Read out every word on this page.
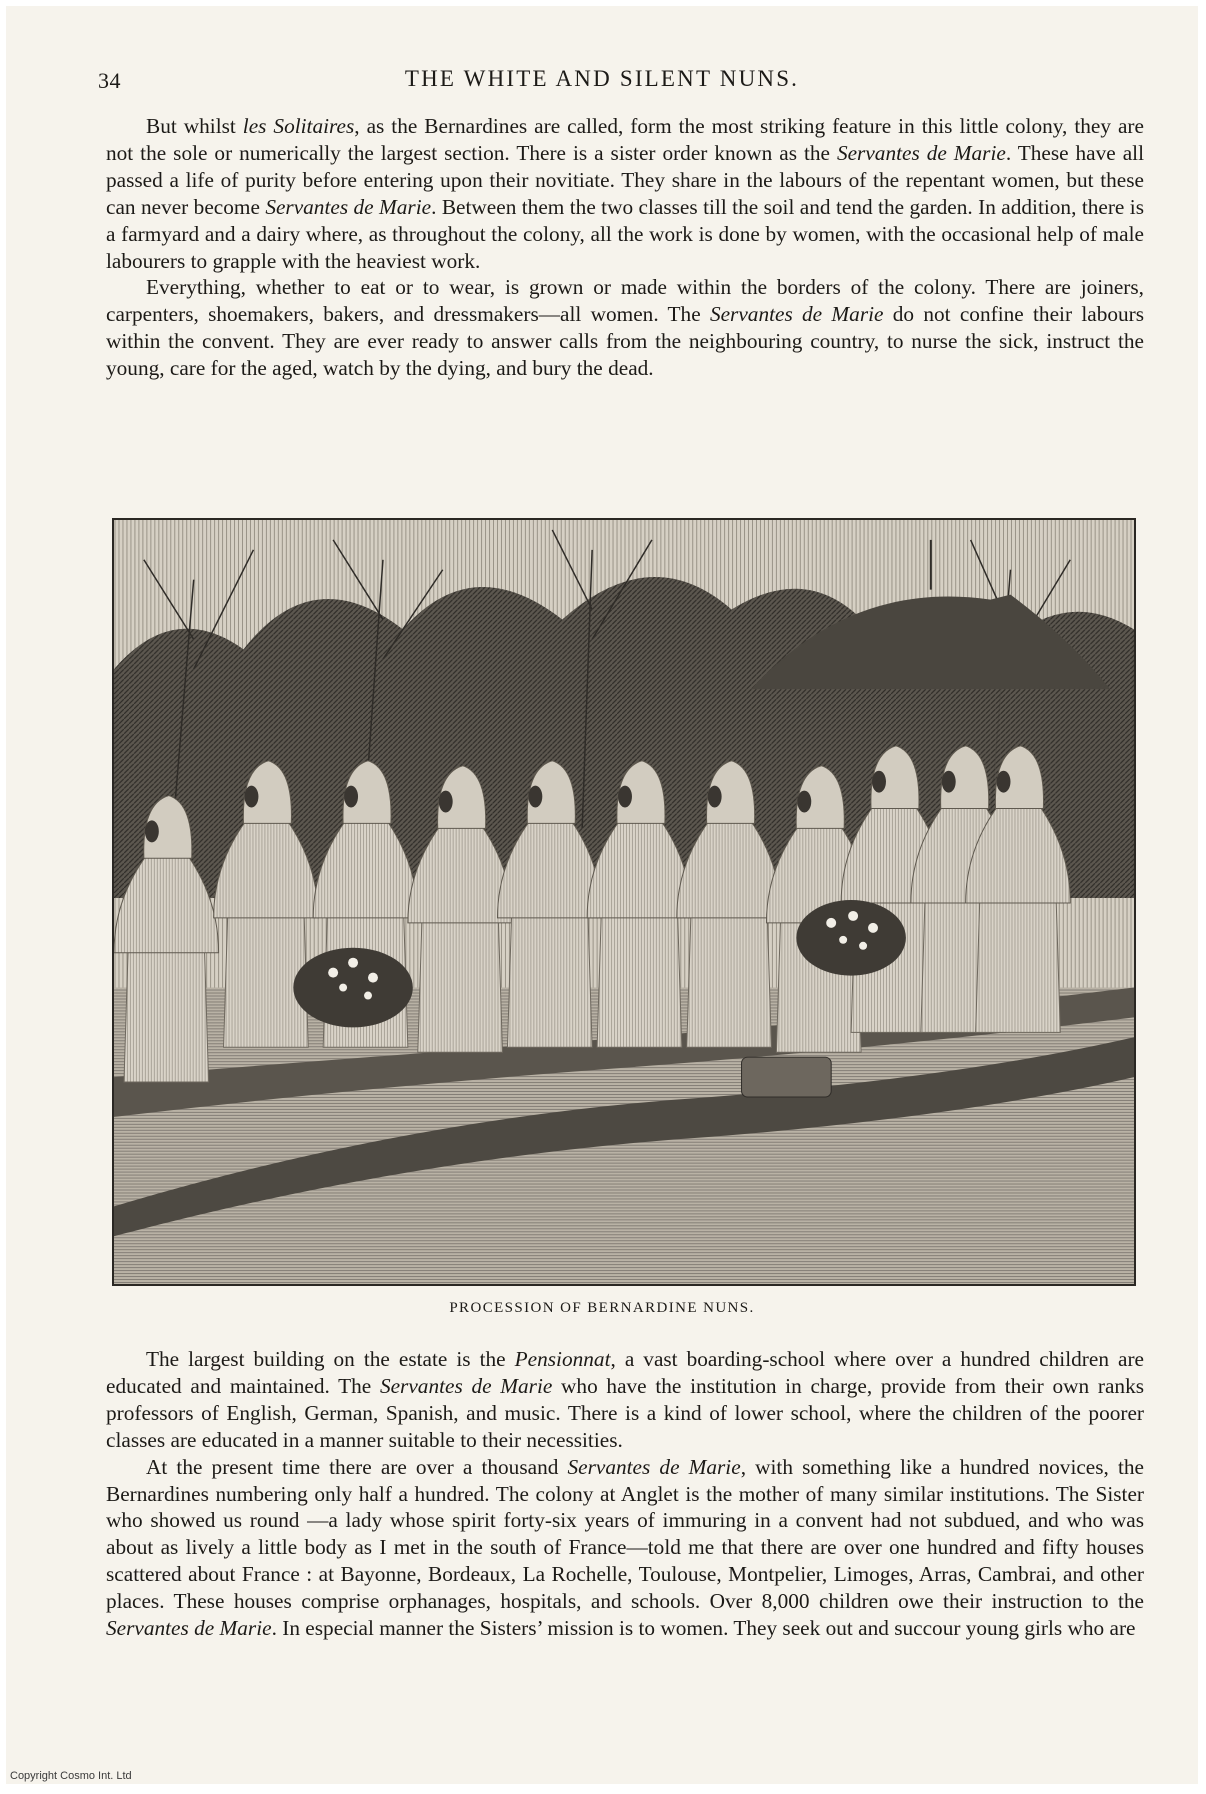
34	THE WHITE AND SILENT NUNS.

But whilst les Solitaires, as the Bernardines are called, form the most striking feature in this little colony, they are not the sole or numerically the largest section. There is a sister order known as the Servantes de Marie. These have all passed a life of purity before entering upon their novitiate. They share in the labours of the repentant women, but these can never become Servantes de Marie. Between them the two classes till the soil and tend the garden. In addition, there is a farmyard and a dairy where, as throughout the colony, all the work is done by women, with the occasional help of male labourers to grapple with the heaviest work.

Everything, whether to eat or to wear, is grown or made within the borders of the colony. There are joiners, carpenters, shoemakers, bakers, and dressmakers—all women. The Servantes de Marie do not confine their labours within the convent. They are ever ready to answer calls from the neighbouring country, to nurse the sick, instruct the young, care for the aged, watch by the dying, and bury the dead.

PROCESSION OF BERNARDINE NUNS.

The largest building on the estate is the Pensionnat, a vast boarding-school where over a hundred children are educated and maintained. The Servantes de Marie who have the institution in charge, provide from their own ranks professors of English, German, Spanish, and music. There is a kind of lower school, where the children of the poorer classes are educated in a manner suitable to their necessities.

At the present time there are over a thousand Servantes de Marie, with something like a hundred novices, the Bernardines numbering only half a hundred. The colony at Anglet is the mother of many similar institutions. The Sister who showed us round —a lady whose spirit forty-six years of immuring in a convent had not subdued, and who was about as lively a little body as I met in the south of France—told me that there are over one hundred and fifty houses scattered about France : at Bayonne, Bordeaux, La Rochelle, Toulouse, Montpelier, Limoges, Arras, Cambrai, and other places. These houses comprise orphanages, hospitals, and schools. Over 8,000 children owe their instruction to the Servantes de Marie. In especial manner the Sisters’ mission is to women. They seek out and succour young girls who are

Copyright Cosmo Int. Ltd
